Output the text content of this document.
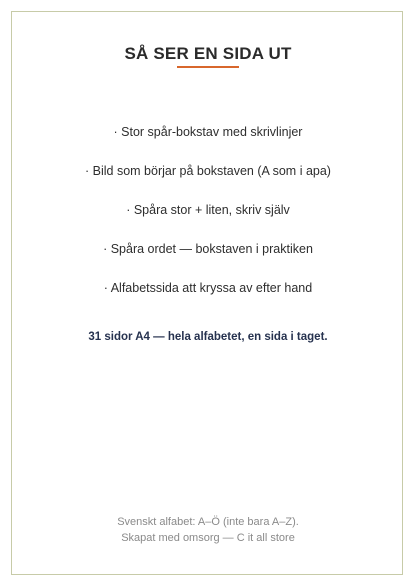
SÅ SER EN SIDA UT
· Stor spår-bokstav med skrivlinjer
· Bild som börjar på bokstaven (A som i apa)
· Spåra stor + liten, skriv själv
· Spåra ordet — bokstaven i praktiken
· Alfabetssida att kryssa av efter hand
31 sidor A4 — hela alfabetet, en sida i taget.
Svenskt alfabet: A–Ö (inte bara A–Z).
Skapat med omsorg — C it all store
